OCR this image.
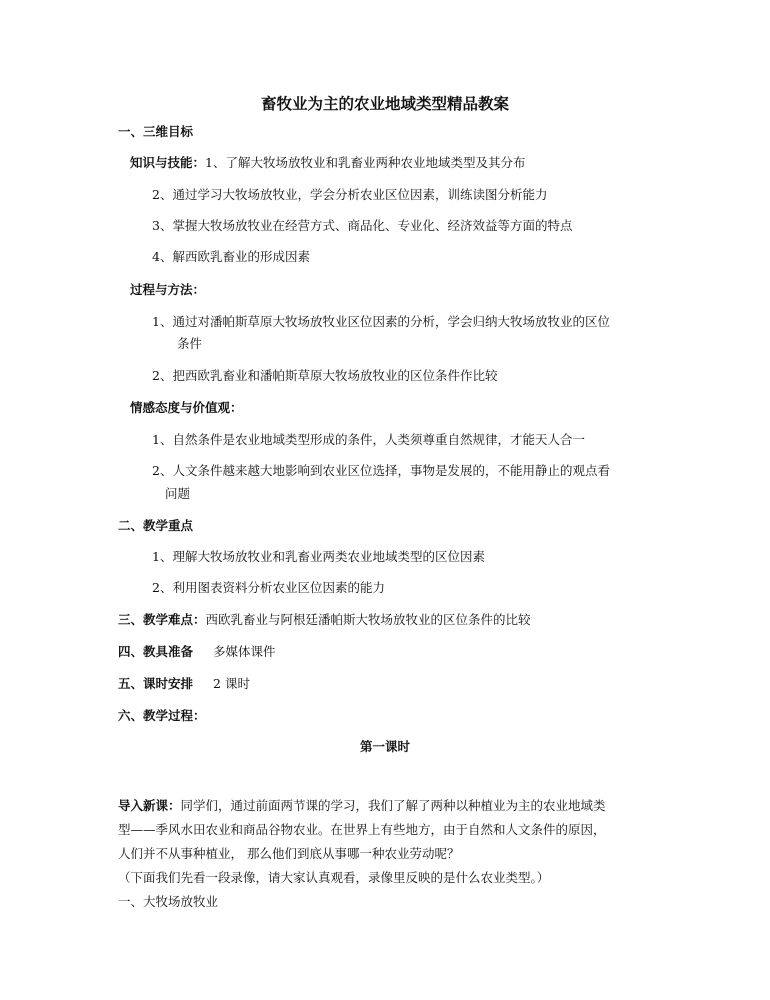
畜牧业为主的农业地域类型精品教案
一、三维目标
知识与技能：1、了解大牧场放牧业和乳畜业两种农业地域类型及其分布
2、通过学习大牧场放牧业，学会分析农业区位因素，训练读图分析能力
3、掌握大牧场放牧业在经营方式、商品化、专业化、经济效益等方面的特点
4、解西欧乳畜业的形成因素
过程与方法：
1、通过对潘帕斯草原大牧场放牧业区位因素的分析，学会归纳大牧场放牧业的区位
条件
2、把西欧乳畜业和潘帕斯草原大牧场放牧业的区位条件作比较
情感态度与价值观：
1、自然条件是农业地域类型形成的条件，人类须尊重自然规律，才能天人合一
2、人文条件越来越大地影响到农业区位选择，事物是发展的，不能用静止的观点看
问题
二、教学重点
1、理解大牧场放牧业和乳畜业两类农业地域类型的区位因素
2、利用图表资料分析农业区位因素的能力
三、教学难点：西欧乳畜业与阿根廷潘帕斯大牧场放牧业的区位条件的比较
四、教具准备 多媒体课件
五、课时安排 2 课时
六、教学过程：
第一课时
导入新课：同学们，通过前面两节课的学习，我们了解了两种以种植业为主的农业地域类
型——季风水田农业和商品谷物农业。在世界上有些地方，由于自然和人文条件的原因，
人们并不从事种植业， 那么他们到底从事哪一种农业劳动呢？
（下面我们先看一段录像，请大家认真观看，录像里反映的是什么农业类型。）
一、大牧场放牧业
